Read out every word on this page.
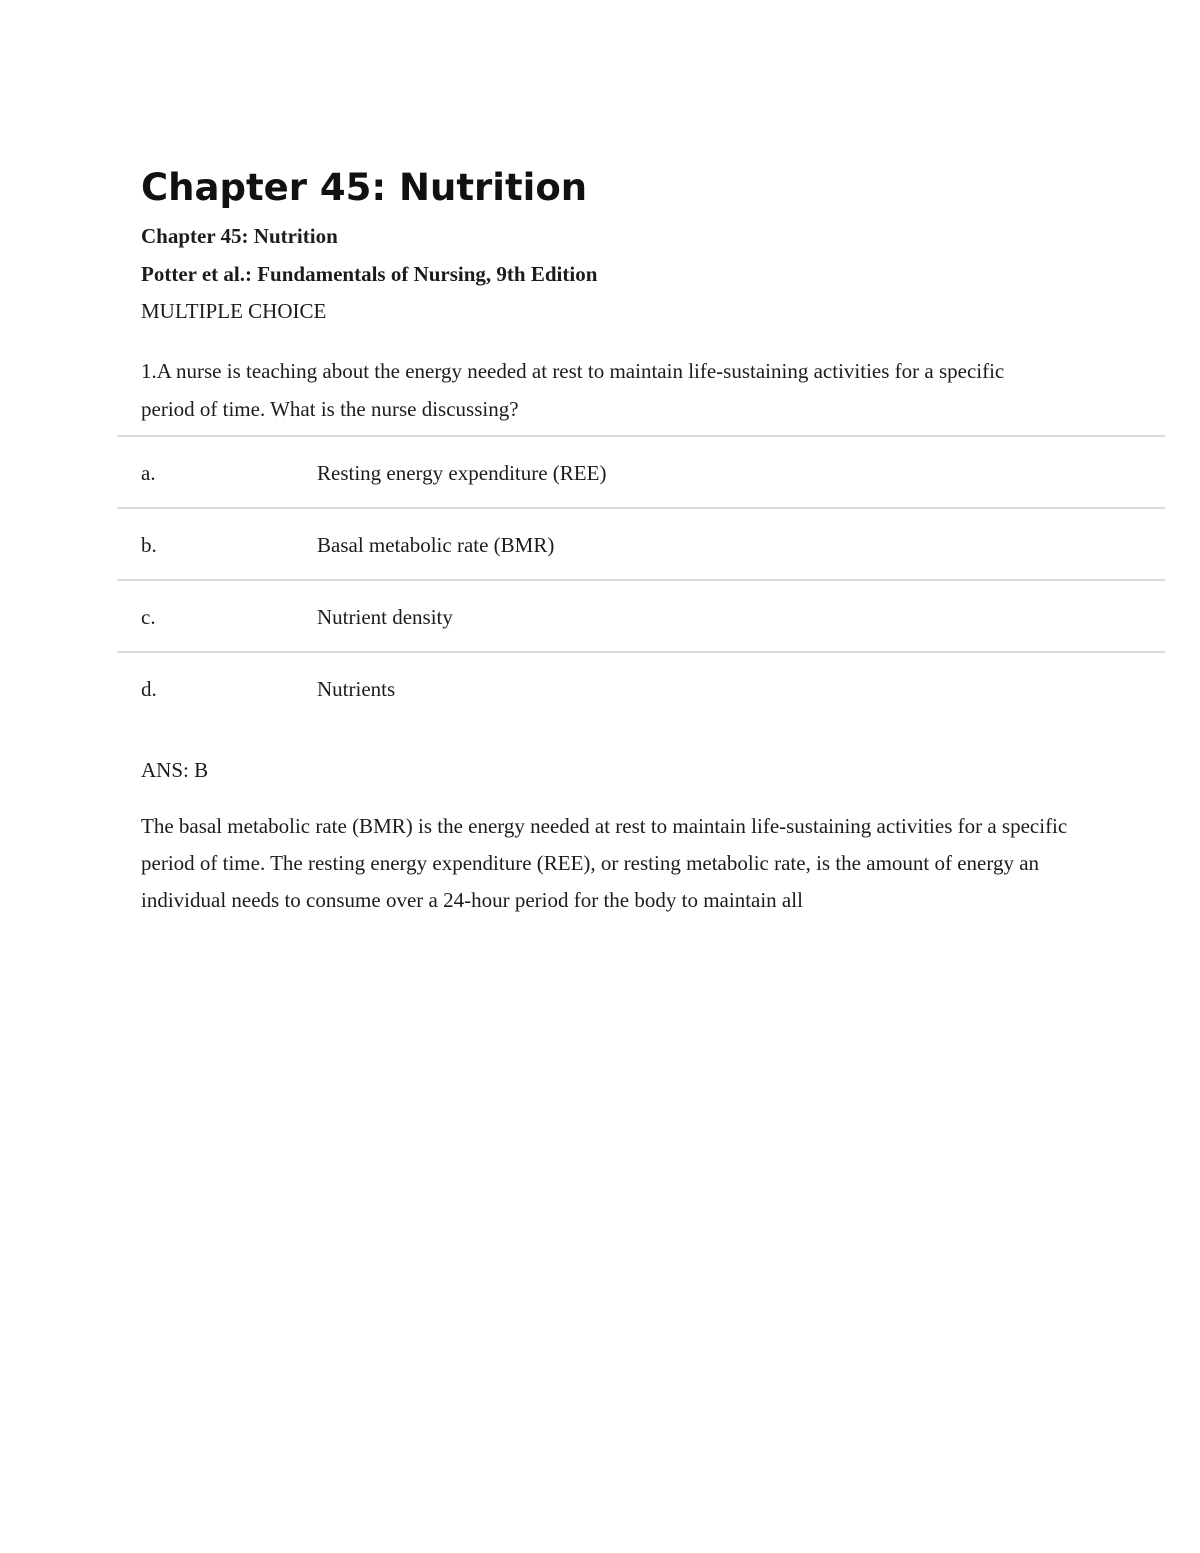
Chapter 45: Nutrition

Chapter 45: Nutrition

Potter et al.: Fundamentals of Nursing, 9th Edition

MULTIPLE CHOICE

1.A nurse is teaching about the energy needed at rest to maintain life-sustaining activities for a specific period of time. What is the nurse discussing?

a.	Resting energy expenditure (REE)
b.	Basal metabolic rate (BMR)
c.	Nutrient density
d.	Nutrients

ANS: B

The basal metabolic rate (BMR) is the energy needed at rest to maintain life-sustaining activities for a specific period of time. The resting energy expenditure (REE), or resting metabolic rate, is the amount of energy an individual needs to consume over a 24-hour period for the body to maintain all
